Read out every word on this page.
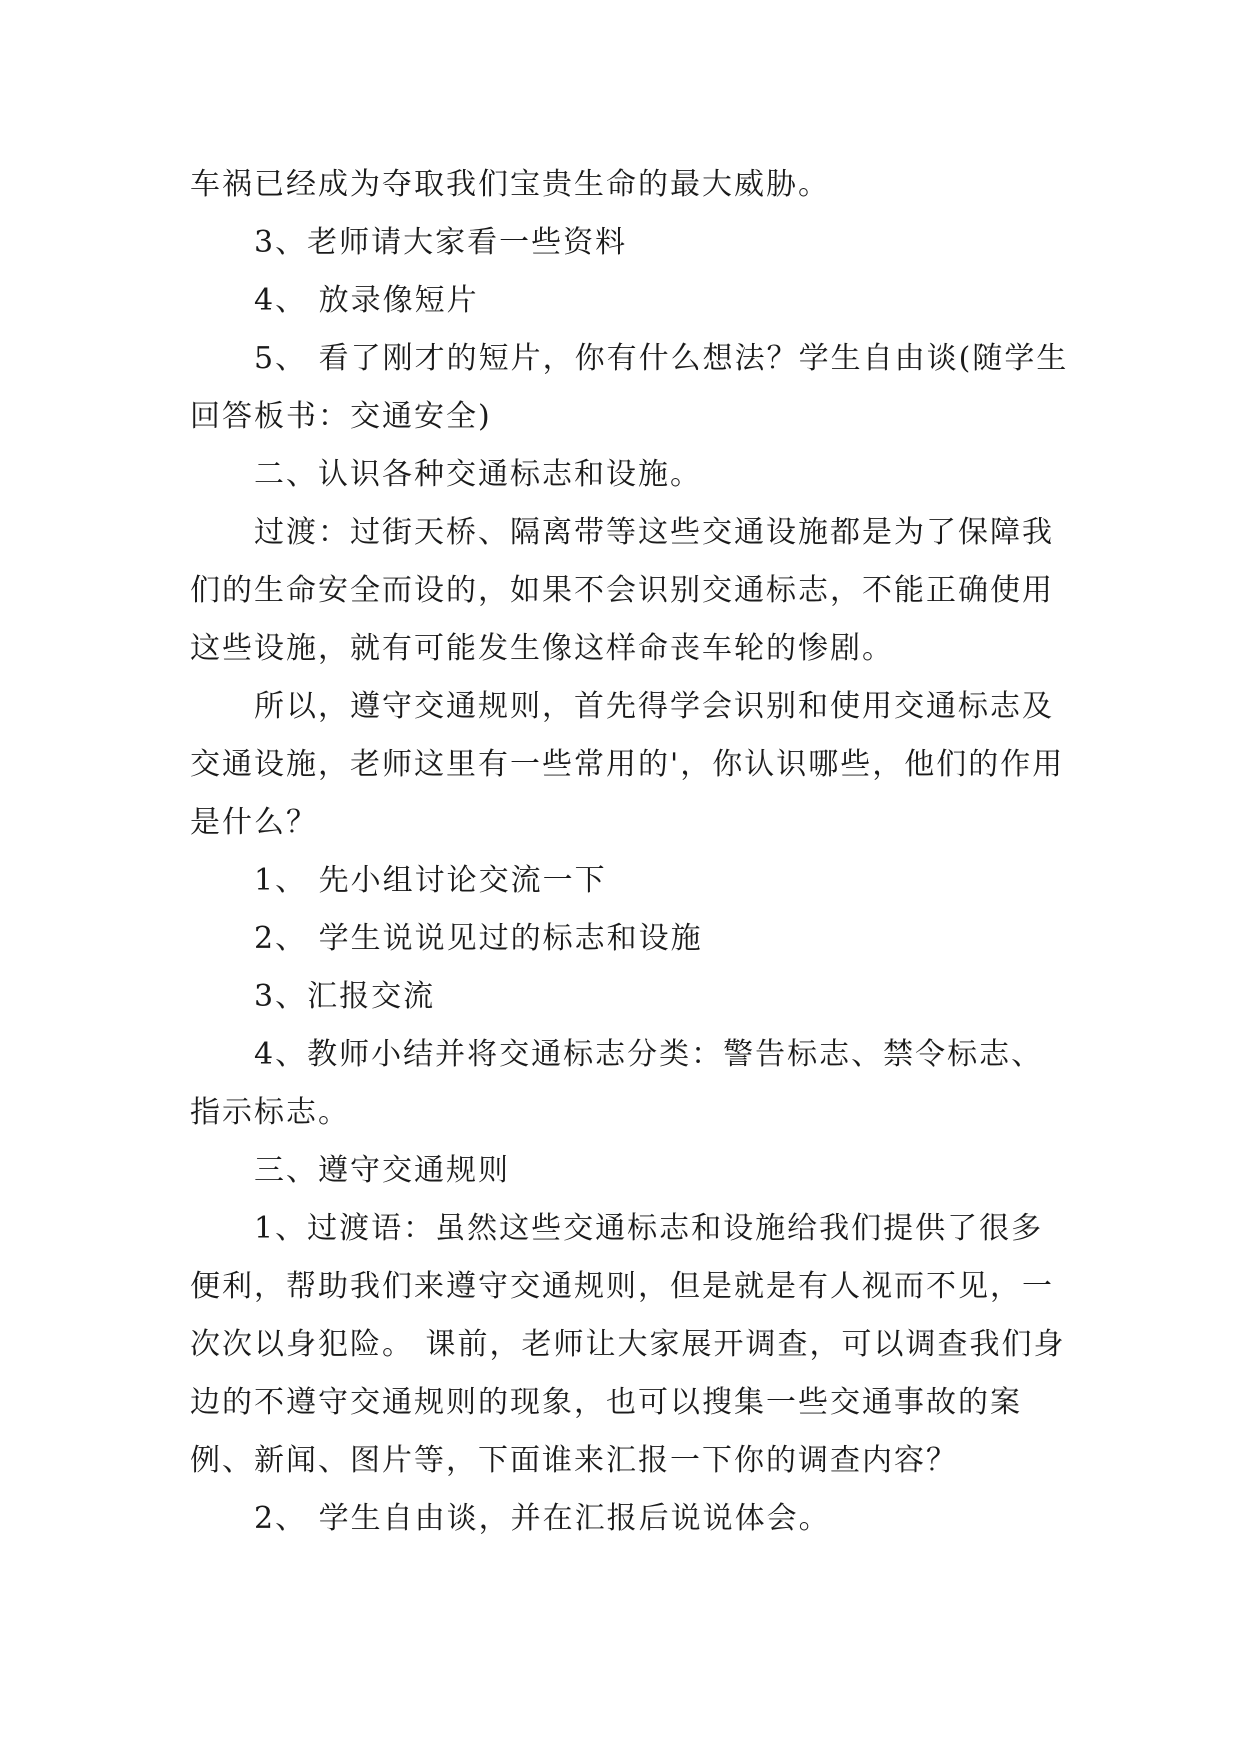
车祸已经成为夺取我们宝贵生命的最大威胁。

3、老师请大家看一些资料

4、 放录像短片

5、 看了刚才的短片，你有什么想法？学生自由谈(随学生回答板书：交通安全)

二、认识各种交通标志和设施。

过渡：过街天桥、隔离带等这些交通设施都是为了保障我们的生命安全而设的，如果不会识别交通标志，不能正确使用这些设施，就有可能发生像这样命丧车轮的惨剧。

所以，遵守交通规则，首先得学会识别和使用交通标志及交通设施，老师这里有一些常用的'，你认识哪些，他们的作用是什么？

1、 先小组讨论交流一下

2、 学生说说见过的标志和设施

3、汇报交流

4、教师小结并将交通标志分类：警告标志、禁令标志、指示标志。

三、遵守交通规则

1、过渡语：虽然这些交通标志和设施给我们提供了很多便利，帮助我们来遵守交通规则，但是就是有人视而不见，一次次以身犯险。 课前，老师让大家展开调查，可以调查我们身边的不遵守交通规则的现象，也可以搜集一些交通事故的案例、新闻、图片等，下面谁来汇报一下你的调查内容？

2、 学生自由谈，并在汇报后说说体会。
